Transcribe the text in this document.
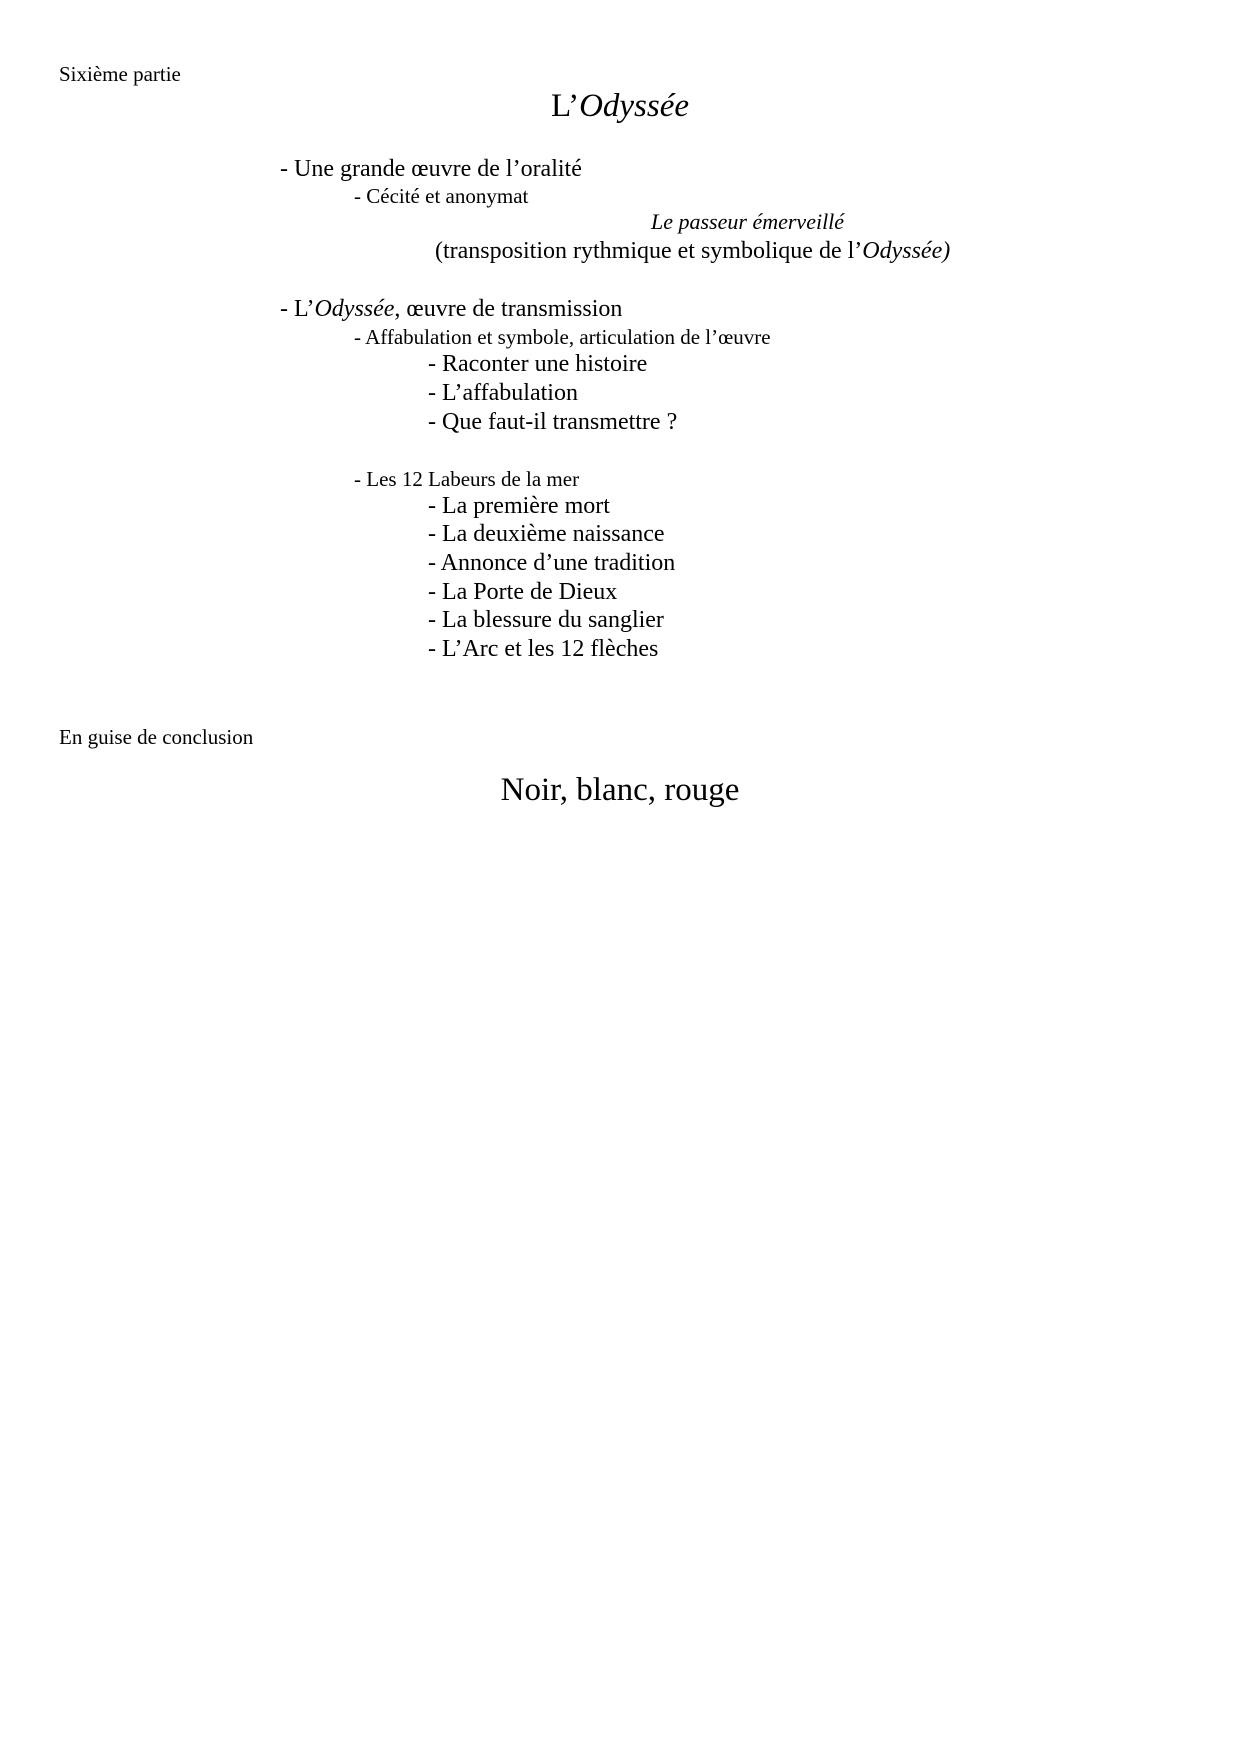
Sixième partie
L’Odyssée
- Une grande œuvre de l’oralité
- Cécité et anonymat
Le passeur émerveillé
(transposition rythmique et symbolique de l’Odyssée)
- L’Odyssée, œuvre de transmission
- Affabulation et symbole, articulation de l’œuvre
- Raconter une histoire
- L’affabulation
- Que faut-il transmettre ?
- Les 12 Labeurs de la mer
- La première mort
- La deuxième naissance
- Annonce d’une tradition
- La Porte de Dieux
- La blessure du sanglier
- L’Arc et les 12 flèches
En guise de conclusion
Noir, blanc, rouge
